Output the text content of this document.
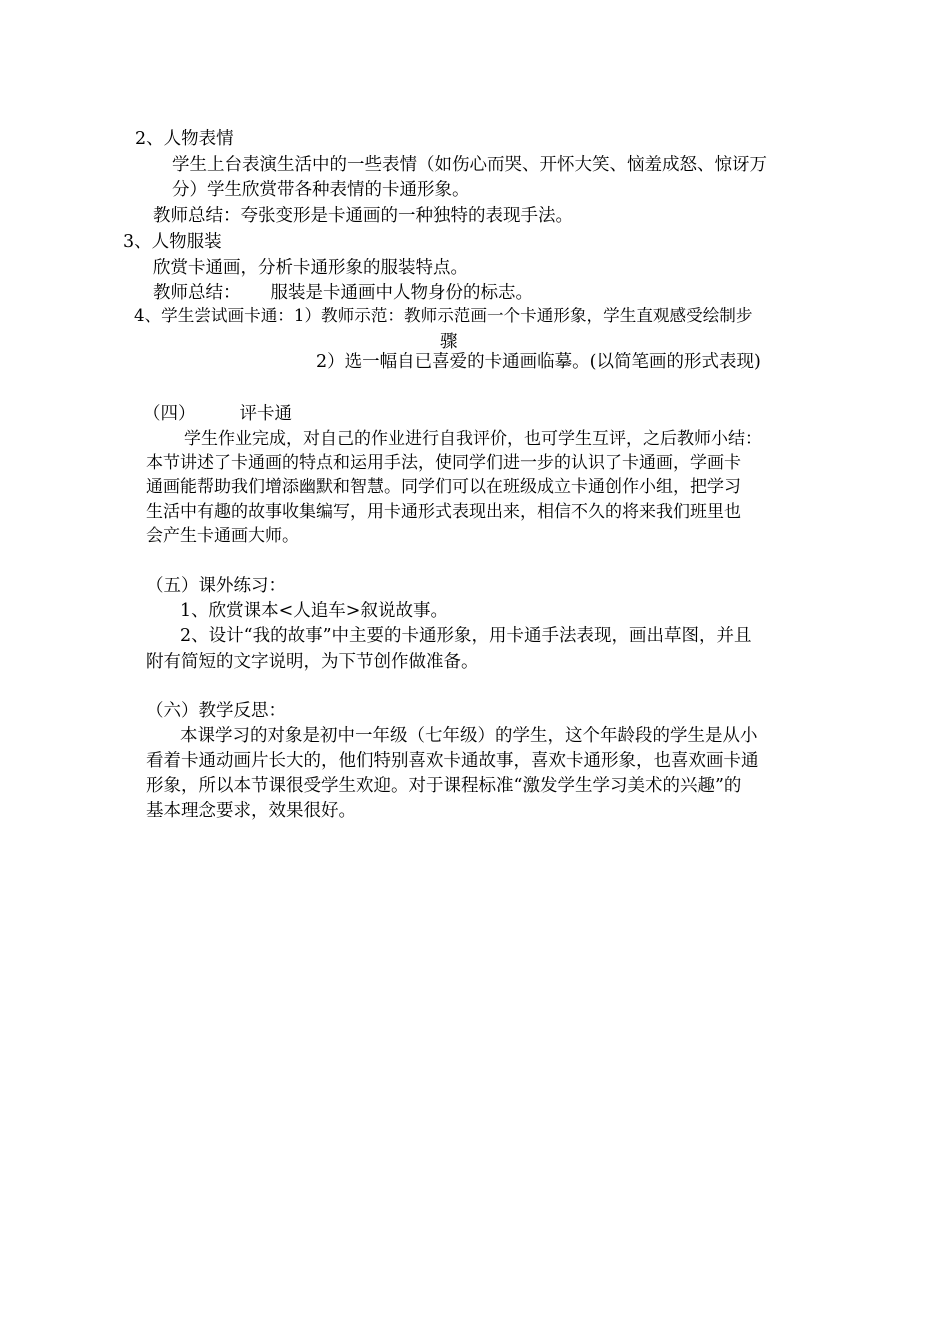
2、人物表情
学生上台表演生活中的一些表情（如伤心而哭、开怀大笑、恼羞成怒、惊讶万
分）学生欣赏带各种表情的卡通形象。
教师总结：夸张变形是卡通画的一种独特的表现手法。
3、人物服装
欣赏卡通画，分析卡通形象的服装特点。
教师总结： 服装是卡通画中人物身份的标志。
4、学生尝试画卡通：1）教师示范：教师示范画一个卡通形象，学生直观感受绘制步
骤
2）选一幅自已喜爱的卡通画临摹。(以简笔画的形式表现)
（四）	评卡通
学生作业完成，对自己的作业进行自我评价，也可学生互评，之后教师小结：
本节讲述了卡通画的特点和运用手法，使同学们进一步的认识了卡通画，学画卡
通画能帮助我们增添幽默和智慧。同学们可以在班级成立卡通创作小组，把学习
生活中有趣的故事收集编写，用卡通形式表现出来，相信不久的将来我们班里也
会产生卡通画大师。
（五）课外练习：
1、欣赏课本<人追车>叙说故事。
2、设计“我的故事”中主要的卡通形象，用卡通手法表现，画出草图，并且
附有简短的文字说明，为下节创作做准备。
（六）教学反思：
本课学习的对象是初中一年级（七年级）的学生，这个年龄段的学生是从小
看着卡通动画片长大的，他们特别喜欢卡通故事，喜欢卡通形象，也喜欢画卡通
形象，所以本节课很受学生欢迎。对于课程标准“激发学生学习美术的兴趣”的
基本理念要求，效果很好。
